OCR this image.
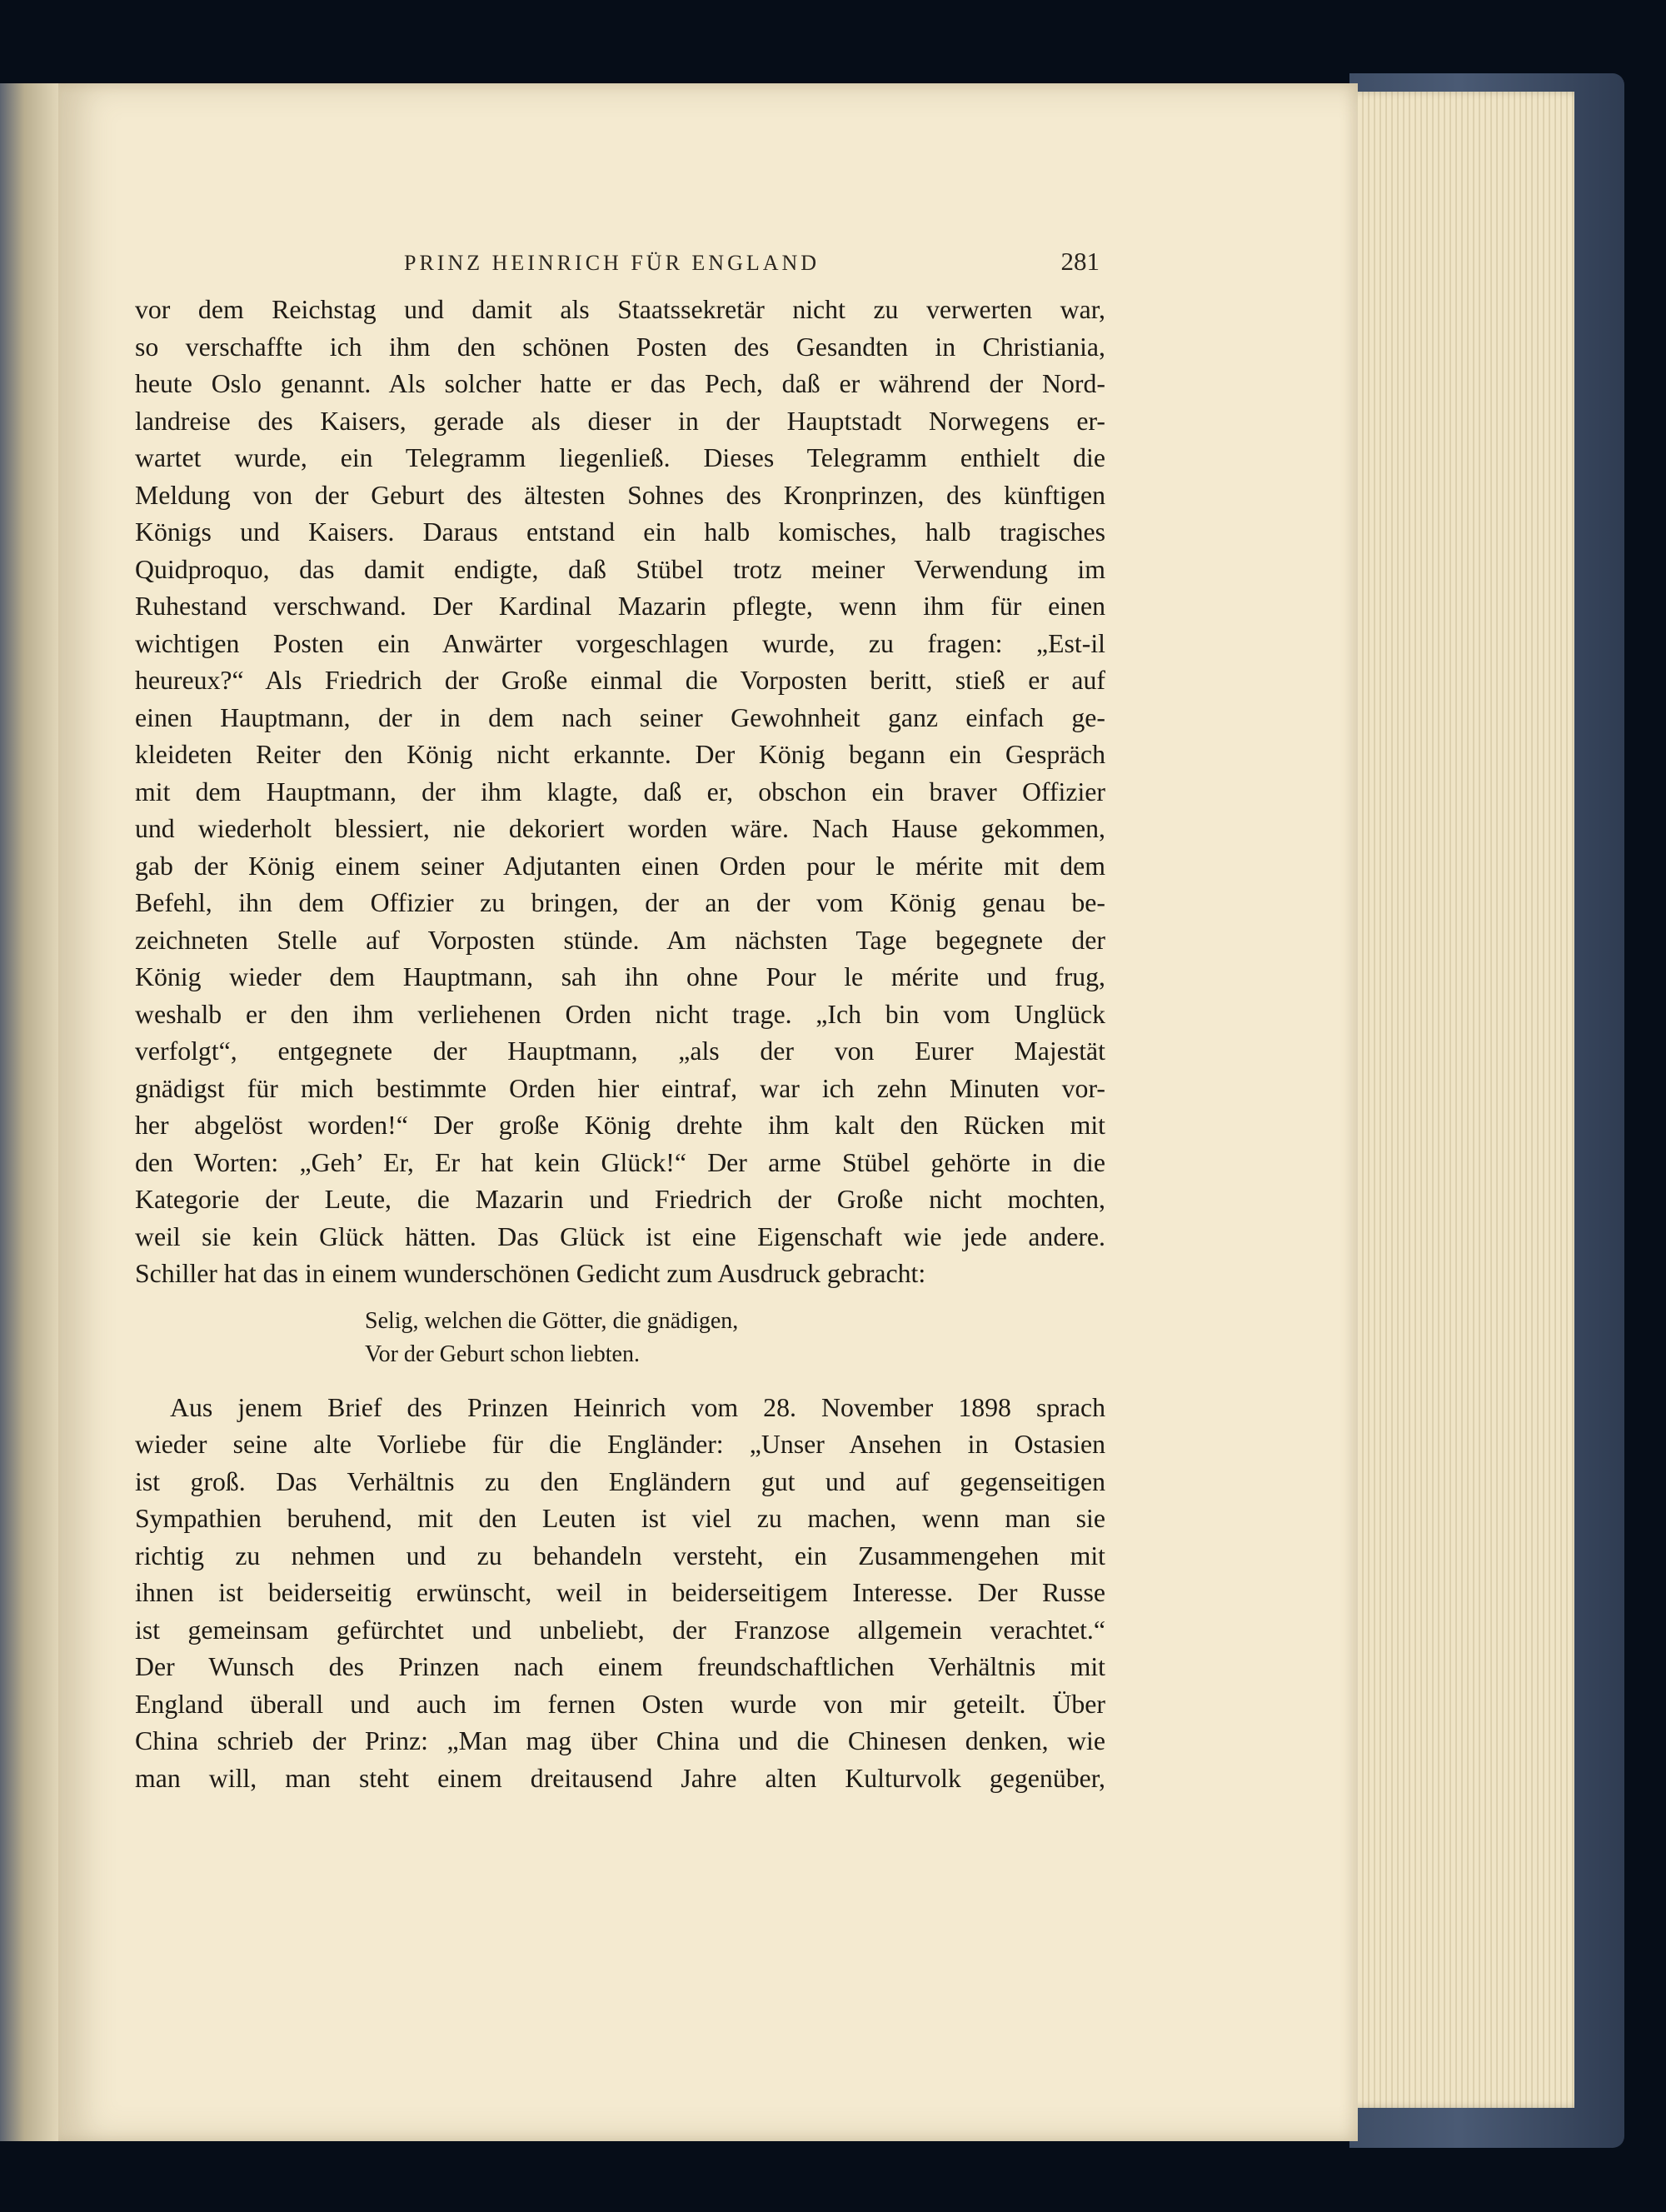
PRINZ HEINRICH FÜR ENGLAND	281
vor dem Reichstag und damit als Staatssekretär nicht zu verwerten war,
so verschaffte ich ihm den schönen Posten des Gesandten in Christiania,
heute Oslo genannt. Als solcher hatte er das Pech, daß er während der Nord-
landreise des Kaisers, gerade als dieser in der Hauptstadt Norwegens er-
wartet wurde, ein Telegramm liegenließ. Dieses Telegramm enthielt die
Meldung von der Geburt des ältesten Sohnes des Kronprinzen, des künftigen
Königs und Kaisers. Daraus entstand ein halb komisches, halb tragisches
Quidproquo, das damit endigte, daß Stübel trotz meiner Verwendung im
Ruhestand verschwand. Der Kardinal Mazarin pflegte, wenn ihm für einen
wichtigen Posten ein Anwärter vorgeschlagen wurde, zu fragen: „Est-il
heureux?“ Als Friedrich der Große einmal die Vorposten beritt, stieß er auf
einen Hauptmann, der in dem nach seiner Gewohnheit ganz einfach ge-
kleideten Reiter den König nicht erkannte. Der König begann ein Gespräch
mit dem Hauptmann, der ihm klagte, daß er, obschon ein braver Offizier
und wiederholt blessiert, nie dekoriert worden wäre. Nach Hause gekommen,
gab der König einem seiner Adjutanten einen Orden pour le mérite mit dem
Befehl, ihn dem Offizier zu bringen, der an der vom König genau be-
zeichneten Stelle auf Vorposten stünde. Am nächsten Tage begegnete der
König wieder dem Hauptmann, sah ihn ohne Pour le mérite und frug,
weshalb er den ihm verliehenen Orden nicht trage. „Ich bin vom Unglück
verfolgt“, entgegnete der Hauptmann, „als der von Eurer Majestät
gnädigst für mich bestimmte Orden hier eintraf, war ich zehn Minuten vor-
her abgelöst worden!“ Der große König drehte ihm kalt den Rücken mit
den Worten: „Geh’ Er, Er hat kein Glück!“ Der arme Stübel gehörte in die
Kategorie der Leute, die Mazarin und Friedrich der Große nicht mochten,
weil sie kein Glück hätten. Das Glück ist eine Eigenschaft wie jede andere.
Schiller hat das in einem wunderschönen Gedicht zum Ausdruck gebracht:
Selig, welchen die Götter, die gnädigen,
Vor der Geburt schon liebten.
Aus jenem Brief des Prinzen Heinrich vom 28. November 1898 sprach
wieder seine alte Vorliebe für die Engländer: „Unser Ansehen in Ostasien
ist groß. Das Verhältnis zu den Engländern gut und auf gegenseitigen
Sympathien beruhend, mit den Leuten ist viel zu machen, wenn man sie
richtig zu nehmen und zu behandeln versteht, ein Zusammengehen mit
ihnen ist beiderseitig erwünscht, weil in beiderseitigem Interesse. Der Russe
ist gemeinsam gefürchtet und unbeliebt, der Franzose allgemein verachtet.“
Der Wunsch des Prinzen nach einem freundschaftlichen Verhältnis mit
England überall und auch im fernen Osten wurde von mir geteilt. Über
China schrieb der Prinz: „Man mag über China und die Chinesen denken, wie
man will, man steht einem dreitausend Jahre alten Kulturvolk gegenüber,
